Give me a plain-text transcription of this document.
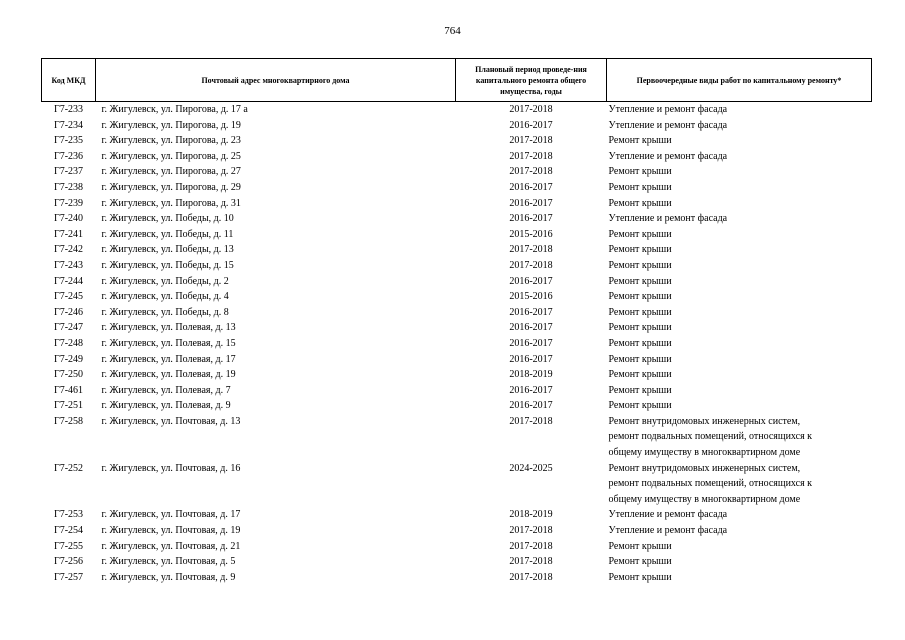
764
Код МКД	Почтовый адрес многоквартирного дома	Плановый период проведе-ния капитального ремонта общего имущества, годы	Первоочередные виды работ по капитальному ремонту*
Г7-233	г. Жигулевск, ул. Пирогова, д. 17 а	2017-2018	Утепление и ремонт фасада

Г7-234	г. Жигулевск, ул. Пирогова, д. 19	2016-2017	Утепление и ремонт фасада

Г7-235	г. Жигулевск, ул. Пирогова, д. 23	2017-2018	Ремонт крыши

Г7-236	г. Жигулевск, ул. Пирогова, д. 25	2017-2018	Утепление и ремонт фасада

Г7-237	г. Жигулевск, ул. Пирогова, д. 27	2017-2018	Ремонт крыши

Г7-238	г. Жигулевск, ул. Пирогова, д. 29	2016-2017	Ремонт крыши

Г7-239	г. Жигулевск, ул. Пирогова, д. 31	2016-2017	Ремонт крыши

Г7-240	г. Жигулевск, ул. Победы, д. 10	2016-2017	Утепление и ремонт фасада

Г7-241	г. Жигулевск, ул. Победы, д. 11	2015-2016	Ремонт крыши

Г7-242	г. Жигулевск, ул. Победы, д. 13	2017-2018	Ремонт крыши

Г7-243	г. Жигулевск, ул. Победы, д. 15	2017-2018	Ремонт крыши

Г7-244	г. Жигулевск, ул. Победы, д. 2	2016-2017	Ремонт крыши

Г7-245	г. Жигулевск, ул. Победы, д. 4	2015-2016	Ремонт крыши

Г7-246	г. Жигулевск, ул. Победы, д. 8	2016-2017	Ремонт крыши

Г7-247	г. Жигулевск, ул. Полевая, д. 13	2016-2017	Ремонт крыши

Г7-248	г. Жигулевск, ул. Полевая, д. 15	2016-2017	Ремонт крыши

Г7-249	г. Жигулевск, ул. Полевая, д. 17	2016-2017	Ремонт крыши

Г7-250	г. Жигулевск, ул. Полевая, д. 19	2018-2019	Ремонт крыши

Г7-461	г. Жигулевск, ул. Полевая, д. 7	2016-2017	Ремонт крыши

Г7-251	г. Жигулевск, ул. Полевая, д. 9	2016-2017	Ремонт крыши

Г7-258	г. Жигулевск, ул. Почтовая, д. 13	2017-2018	Ремонт внутридомовых инженерных систем,
ремонт подвальных помещений, относящихся к
общему имуществу в многоквартирном доме

Г7-252	г. Жигулевск, ул. Почтовая, д. 16	2024-2025	Ремонт внутридомовых инженерных систем,
ремонт подвальных помещений, относящихся к
общему имуществу в многоквартирном доме

Г7-253	г. Жигулевск, ул. Почтовая, д. 17	2018-2019	Утепление и ремонт фасада

Г7-254	г. Жигулевск, ул. Почтовая, д. 19	2017-2018	Утепление и ремонт фасада

Г7-255	г. Жигулевск, ул. Почтовая, д. 21	2017-2018	Ремонт крыши

Г7-256	г. Жигулевск, ул. Почтовая, д. 5	2017-2018	Ремонт крыши

Г7-257	г. Жигулевск, ул. Почтовая, д. 9	2017-2018	Ремонт крыши
